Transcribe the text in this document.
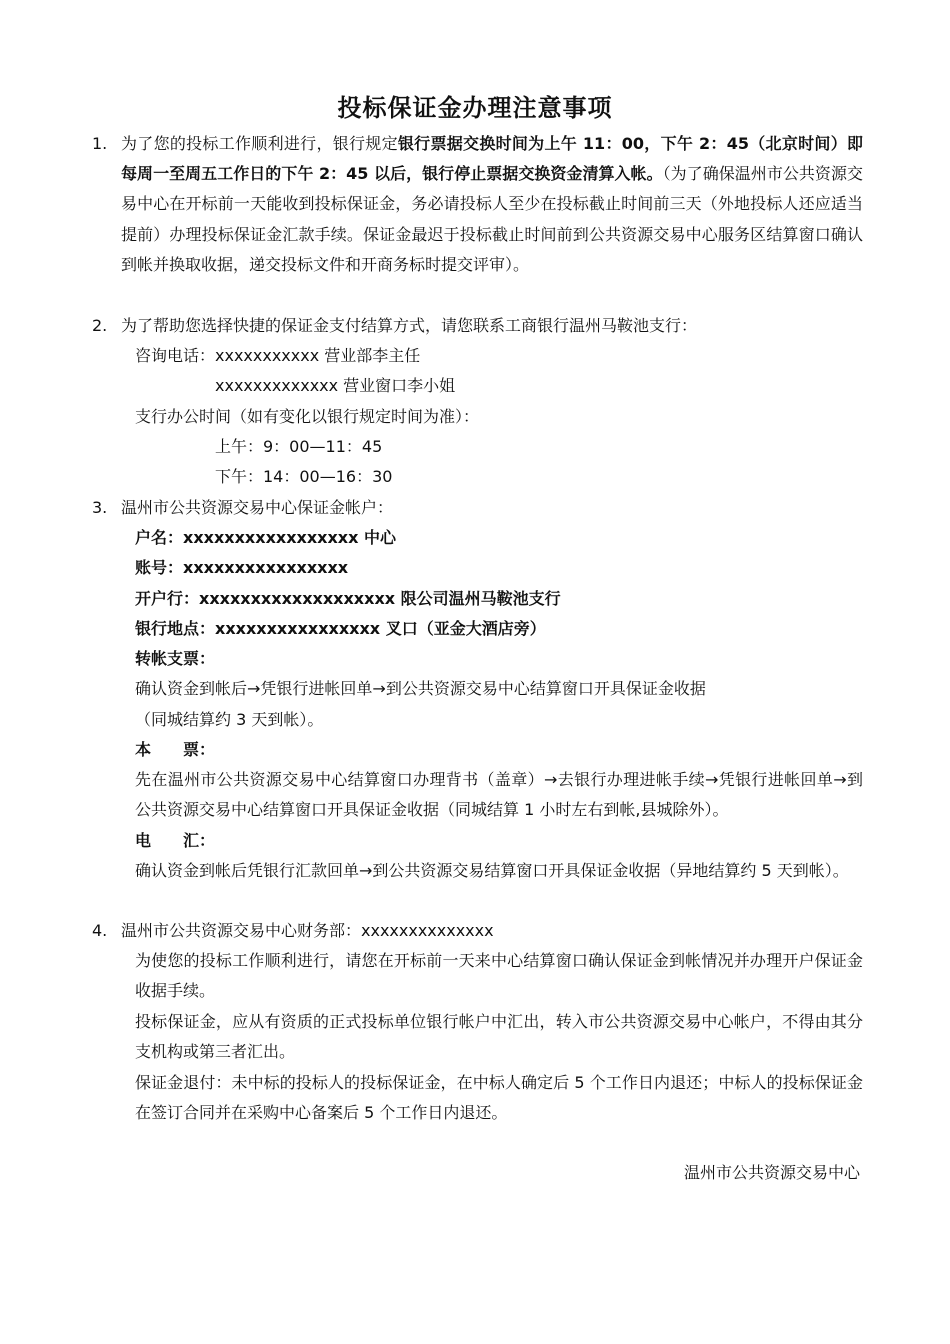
投标保证金办理注意事项
1. 为了您的投标工作顺利进行，银行规定银行票据交换时间为上午 11：00，下午 2：45（北京时间）即每周一至周五工作日的下午 2：45 以后，银行停止票据交换资金清算入帐。（为了确保温州市公共资源交易中心在开标前一天能收到投标保证金，务必请投标人至少在投标截止时间前三天（外地投标人还应适当提前）办理投标保证金汇款手续。保证金最迟于投标截止时间前到公共资源交易中心服务区结算窗口确认到帐并换取收据，递交投标文件和开商务标时提交评审）。
2. 为了帮助您选择快捷的保证金支付结算方式，请您联系工商银行温州马鞍池支行：
咨询电话：xxxxxxxxxxx 营业部李主任
xxxxxxxxxxxxx 营业窗口李小姐
支行办公时间（如有变化以银行规定时间为准）：
上午：9：00—11：45
下午：14：00—16：30
3. 温州市公共资源交易中心保证金帐户：
户名：xxxxxxxxxxxxxxxxx 中心
账号：xxxxxxxxxxxxxxxx
开户行：xxxxxxxxxxxxxxxxxxx 限公司温州马鞍池支行
银行地点：xxxxxxxxxxxxxxxx 叉口（亚金大酒店旁）
转帐支票：
确认资金到帐后→凭银行进帐回单→到公共资源交易中心结算窗口开具保证金收据
（同城结算约 3 天到帐）。
本　　票：
先在温州市公共资源交易中心结算窗口办理背书（盖章）→去银行办理进帐手续→凭银行进帐回单→到公共资源交易中心结算窗口开具保证金收据（同城结算 1 小时左右到帐,县城除外）。
电　　汇：
确认资金到帐后凭银行汇款回单→到公共资源交易结算窗口开具保证金收据（异地结算约 5 天到帐）。
4. 温州市公共资源交易中心财务部：xxxxxxxxxxxxxx
为使您的投标工作顺利进行，请您在开标前一天来中心结算窗口确认保证金到帐情况并办理开户保证金收据手续。
投标保证金，应从有资质的正式投标单位银行帐户中汇出，转入市公共资源交易中心帐户，不得由其分支机构或第三者汇出。
保证金退付：未中标的投标人的投标保证金，在中标人确定后 5 个工作日内退还；中标人的投标保证金在签订合同并在采购中心备案后 5 个工作日内退还。
温州市公共资源交易中心
